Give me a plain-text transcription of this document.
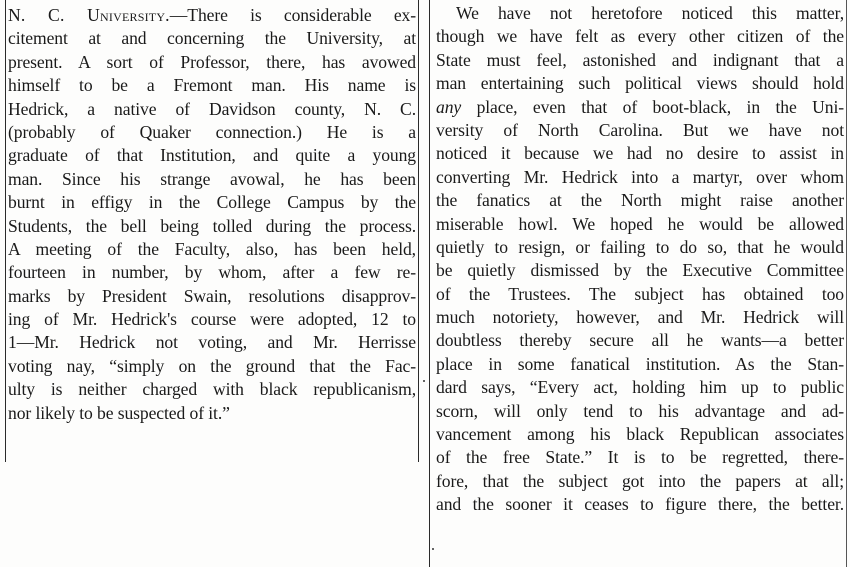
N. C. University.—There is considerable ex-
citement at and concerning the University, at
present. A sort of Professor, there, has avowed
himself to be a Fremont man. His name is
Hedrick, a native of Davidson county, N. C.
(probably of Quaker connection.) He is a
graduate of that Institution, and quite a young
man. Since his strange avowal, he has been
burnt in effigy in the College Campus by the
Students, the bell being tolled during the process.
A meeting of the Faculty, also, has been held,
fourteen in number, by whom, after a few re-
marks by President Swain, resolutions disapprov-
ing of Mr. Hedrick's course were adopted, 12 to
1—Mr. Hedrick not voting, and Mr. Herrisse
voting nay, “simply on the ground that the Fac-
ulty is neither charged with black republicanism,
nor likely to be suspected of it.”
We have not heretofore noticed this matter,
though we have felt as every other citizen of the
State must feel, astonished and indignant that a
man entertaining such political views should hold
any place, even that of boot-black, in the Uni-
versity of North Carolina. But we have not
noticed it because we had no desire to assist in
converting Mr. Hedrick into a martyr, over whom
the fanatics at the North might raise another
miserable howl. We hoped he would be allowed
quietly to resign, or failing to do so, that he would
be quietly dismissed by the Executive Committee
of the Trustees. The subject has obtained too
much notoriety, however, and Mr. Hedrick will
doubtless thereby secure all he wants—a better
place in some fanatical institution. As the Stan-
dard says, “Every act, holding him up to public
scorn, will only tend to his advantage and ad-
vancement among his black Republican associates
of the free State.” It is to be regretted, there-
fore, that the subject got into the papers at all;
and the sooner it ceases to figure there, the better.
